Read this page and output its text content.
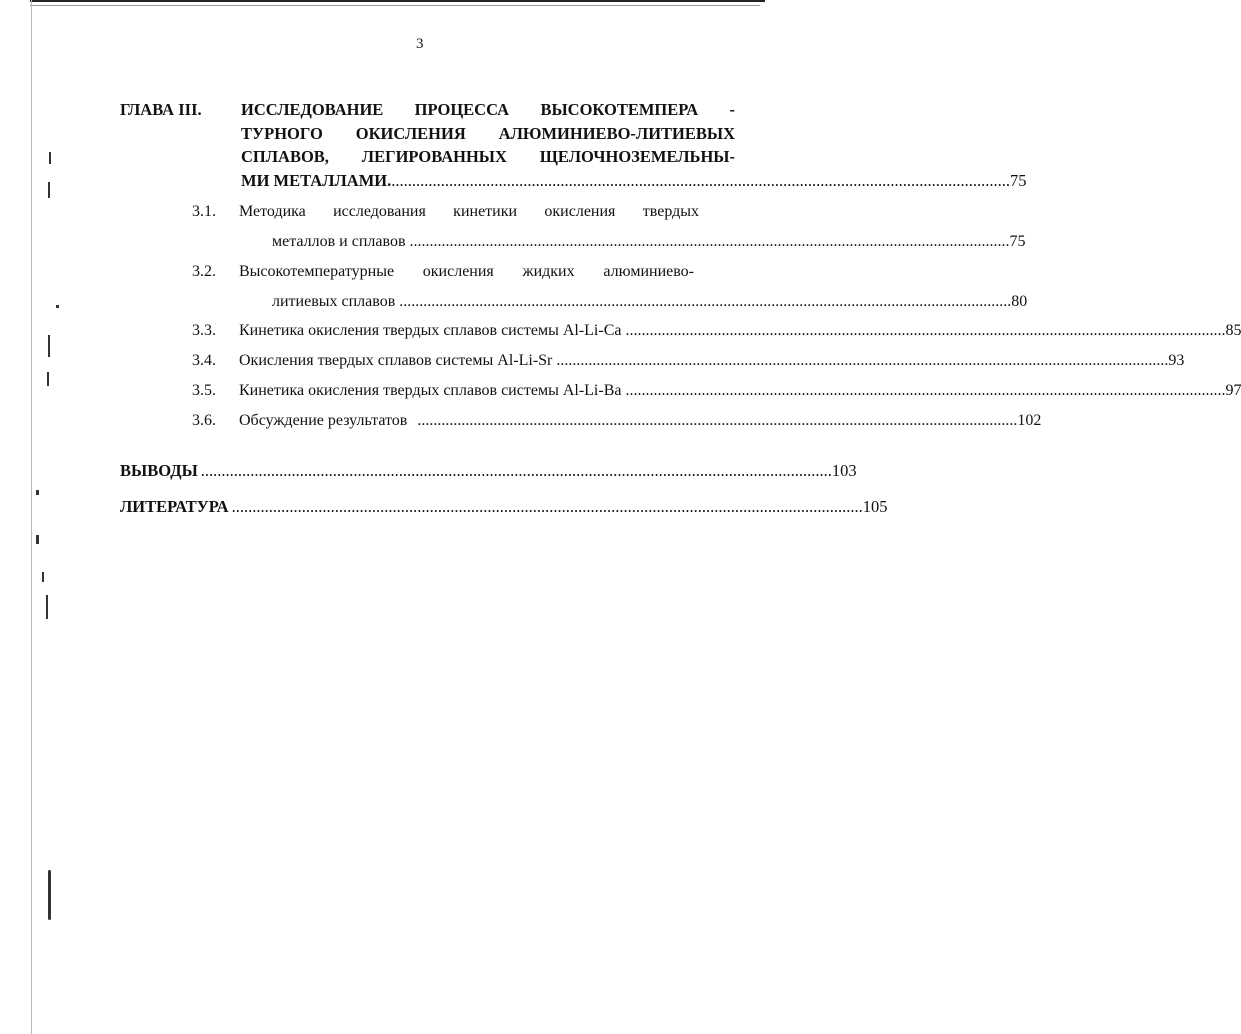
3
ГЛАВА III. ИССЛЕДОВАНИЕ ПРОЦЕССА ВЫСОКОТЕМПЕРА -
ТУРНОГО ОКИСЛЕНИЯ АЛЮМИНИЕВО-ЛИТИЕВЫХ
СПЛАВОВ, ЛЕГИРОВАННЫХ ЩЕЛОЧНОЗЕМЕЛЬНЫ-
МИ МЕТАЛЛАМИ. ...................................................................................................................................................... 75
3.1. Методика исследования кинетики окисления твердых
металлов и сплавов ...................................................................................................................................................... 75
3.2. Высокотемпературные окисления жидких алюминиево-
литиевых сплавов ...................................................................................................................................................... ...80
3.3. Кинетика окисления твердых сплавов системы Al-Li-Ca ...................................................................................................................................................... 85
3.4. Окисления твердых сплавов системы Al-Li-Sr ...................................................................................................................................................... ...93
3.5. Кинетика окисления твердых сплавов системы Al-Li-Ba ...................................................................................................................................................... 97
3.6. Обсуждение результатов ...................................................................................................................................................... 102
ВЫВОДЫ ...................................................................................................................................................... ...103
ЛИТЕРАТУРА ...................................................................................................................................................... ...105
